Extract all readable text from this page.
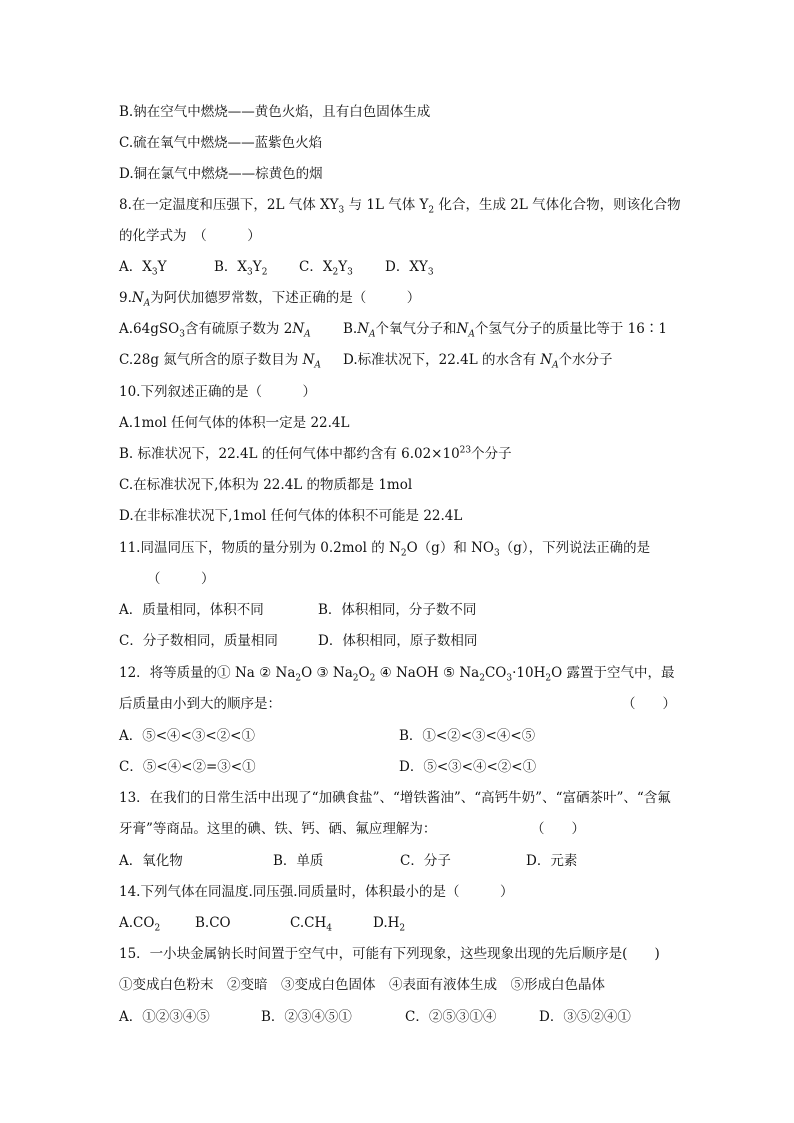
B.钠在空气中燃烧——黄色火焰，且有白色固体生成
C.硫在氧气中燃烧——蓝紫色火焰
D.铜在氯气中燃烧——棕黄色的烟
8.在一定温度和压强下，2L 气体 $XY_3$ 与 1L 气体 $Y_2$ 化合，生成 2L 气体化合物，则该化合物
的化学式为　（　　　）
A．$X_3Y$	B．$X_3Y_2$ C．$X_2Y_3$ D．$XY_3$
$9.N_A$为阿伏加德罗常数，下述正确的是（　　　）
A.64gSO$_3$含有硫原子数为 $2N_A$ $B.N_A$个氧气分子和$N_A$个氢气分子的质量比等于 16∶1
C.28g 氮气所含的原子数目为 $N_A$ D.标准状况下，22.4L 的水含有 $N_A$个水分子
10.下列叙述正确的是（　　　）
A.1mol 任何气体的体积一定是 22.4L
B. 标准状况下，22.4L 的任何气体中都约含有 $6.02\times 10^{23}$个分子
C.在标准状况下,体积为 22.4L 的物质都是 1mol
D.在非标准状况下,1mol 任何气体的体积不可能是 22.4L
11.同温同压下，物质的量分别为 0.2mol 的 $N_2O(g)$和 $NO_3(g)$，下列说法正确的是
（　　　）
A．质量相同，体积不同	B．体积相同，分子数不同
C．分子数相同，质量相同	D．体积相同，原子数相同
12．将等质量的① Na ② $Na_2O$ ③ $Na_2O_2$ ④ NaOH ⑤ $Na_2CO_3\cdot 10H_2O$ 露置于空气中，最
后质量由小到大的顺序是：	（　　）
A．⑤<④<③<②<①	B．①<②<③<④<⑤
C．⑤<④<②=③<①	D．⑤<③<④<②<①
13．在我们的日常生活中出现了“加碘食盐”、“增铁酱油”、“高钙牛奶”、“富硒茶叶”、“含氟
牙膏”等商品。这里的碘、铁、钙、硒、氟应理解为：	（　　）
A．氧化物	B．单质	C．分子	D．元素
14.下列气体在同温度.同压强.同质量时，体积最小的是（　　　）
$A.CO_2$	B.CO	$C.CH_4$	$D.H_2$
15．一小块金属钠长时间置于空气中，可能有下列现象，这些现象出现的先后顺序是(　　)
①变成白色粉末　②变暗　③变成白色固体　④表面有液体生成　⑤形成白色晶体
A．①②③④⑤	B．②③④⑤①	C．②⑤③①④	D．③⑤②④①
